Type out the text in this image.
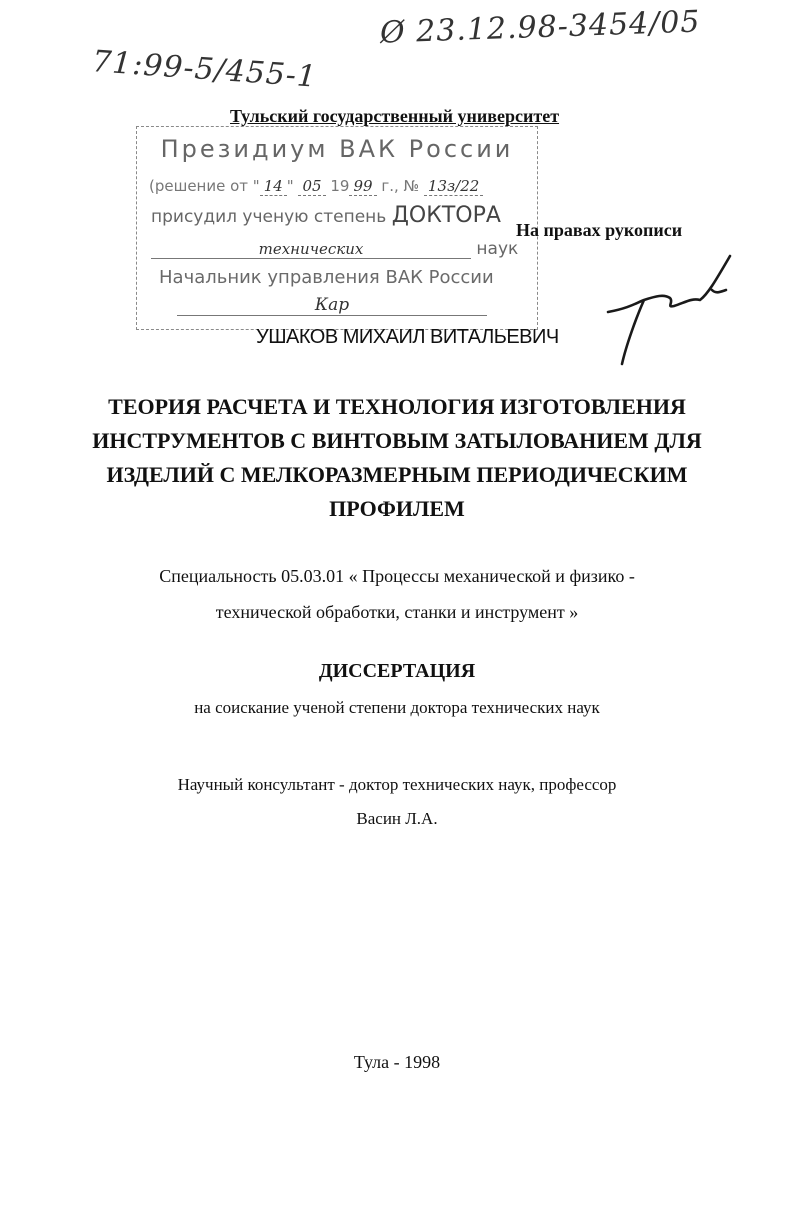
Ø 23.12.98-3454/05
71:99-5/455-1
Тульский государственный университет
Президиум ВАК России
(решение от " 14 " 05 19 99 г., № 13з/22
присудил ученую степень ДОКТОРА
технических	наук
Начальник управления ВАК России
Кар
На правах рукописи
УШАКОВ МИХАИЛ ВИТАЛЬЕВИЧ
ТЕОРИЯ РАСЧЕТА И ТЕХНОЛОГИЯ ИЗГОТОВЛЕНИЯ
ИНСТРУМЕНТОВ С ВИНТОВЫМ ЗАТЫЛОВАНИЕМ ДЛЯ
ИЗДЕЛИЙ С МЕЛКОРАЗМЕРНЫМ ПЕРИОДИЧЕСКИМ
ПРОФИЛЕМ
Специальность 05.03.01 « Процессы механической и физико -
технической обработки, станки и инструмент »
ДИССЕРТАЦИЯ
на соискание ученой степени доктора технических наук
Научный консультант - доктор технических наук, профессор
Васин Л.А.
Тула - 1998
